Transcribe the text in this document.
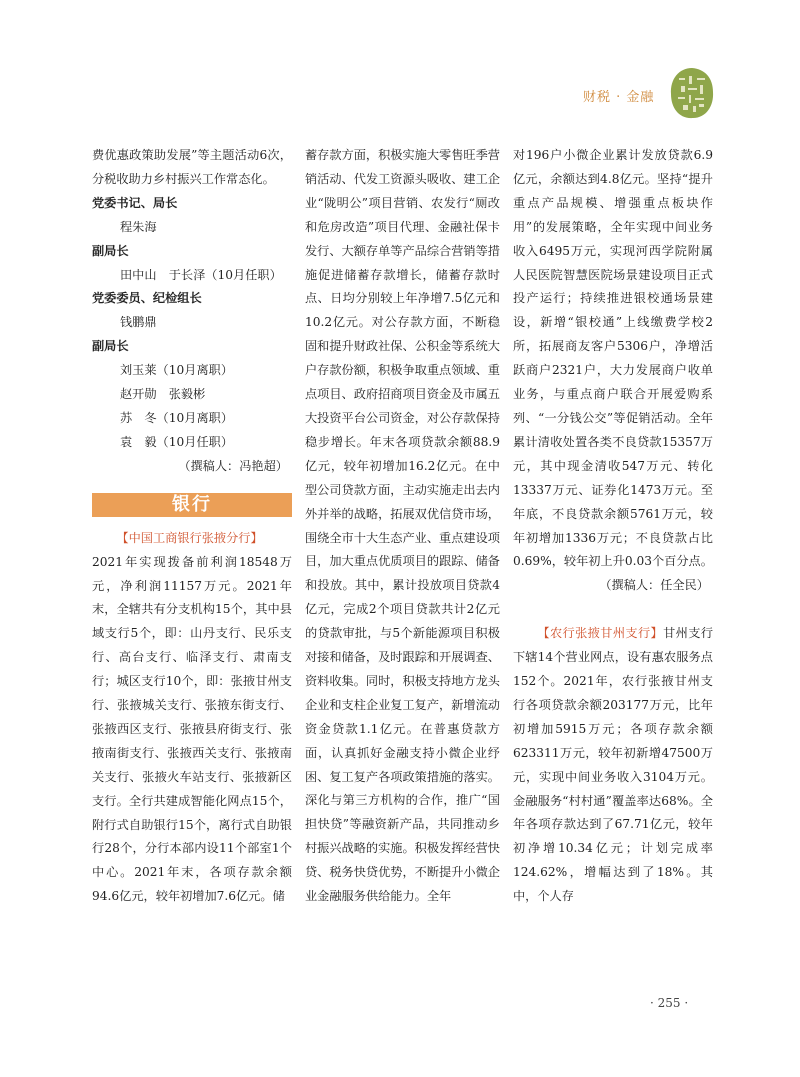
财税 · 金融

费优惠政策助发展”等主题活动6次，分税收助力乡村振兴工作常态化。

党委书记、局长

程朱海

副局长

田中山　于长泽（10月任职）

党委委员、纪检组长

钱鹏鼎

副局长

刘玉莱（10月离职）

赵开勋　张毅彬

苏　冬（10月离职）

袁　毅（10月任职）

（撰稿人：冯艳超）

银行

【中国工商银行张掖分行】

2021年实现拨备前利润18548万元，净利润11157万元。2021年末，全辖共有分支机构15个，其中县域支行5个，即：山丹支行、民乐支行、高台支行、临泽支行、肃南支行；城区支行10个，即：张掖甘州支行、张掖城关支行、张掖东街支行、张掖西区支行、张掖县府街支行、张掖南街支行、张掖西关支行、张掖南关支行、张掖火车站支行、张掖新区支行。全行共建成智能化网点15个，附行式自助银行15个，离行式自助银行28个，分行本部内设11个部室1个中心。2021年末，各项存款余额94.6亿元，较年初增加7.6亿元。储

蓄存款方面，积极实施大零售旺季营销活动、代发工资源头吸收、建工企业“陇明公”项目营销、农发行“厕改和危房改造”项目代理、金融社保卡发行、大额存单等产品综合营销等措施促进储蓄存款增长，储蓄存款时点、日均分别较上年净增7.5亿元和10.2亿元。对公存款方面，不断稳固和提升财政社保、公积金等系统大户存款份额，积极争取重点领域、重点项目、政府招商项目资金及市属五大投资平台公司资金，对公存款保持稳步增长。年末各项贷款余额88.9亿元，较年初增加16.2亿元。在中型公司贷款方面，主动实施走出去内外并举的战略，拓展双优信贷市场，围绕全市十大生态产业、重点建设项目，加大重点优质项目的跟踪、储备和投放。其中，累计投放项目贷款4亿元，完成2个项目贷款共计2亿元的贷款审批，与5个新能源项目积极对接和储备，及时跟踪和开展调查、资料收集。同时，积极支持地方龙头企业和支柱企业复工复产，新增流动资金贷款1.1亿元。在普惠贷款方面，认真抓好金融支持小微企业纾困、复工复产各项政策措施的落实。深化与第三方机构的合作，推广“国担快贷”等融资新产品，共同推动乡村振兴战略的实施。积极发挥经营快贷、税务快贷优势，不断提升小微企业金融服务供给能力。全年

对196户小微企业累计发放贷款6.9亿元，余额达到4.8亿元。坚持“提升重点产品规模、增强重点板块作用”的发展策略，全年实现中间业务收入6495万元，实现河西学院附属人民医院智慧医院场景建设项目正式投产运行；持续推进银校通场景建设，新增“银校通”上线缴费学校2所，拓展商友客户5306户，净增活跃商户2321户，大力发展商户收单业务，与重点商户联合开展爱购系列、“一分钱公交”等促销活动。全年累计清收处置各类不良贷款15357万元，其中现金清收547万元、转化13337万元、证券化1473万元。至年底，不良贷款余额5761万元，较年初增加1336万元；不良贷款占比0.69%，较年初上升0.03个百分点。

（撰稿人：任全民）

【农行张掖甘州支行】甘州支行下辖14个营业网点，设有惠农服务点152个。2021年，农行张掖甘州支行各项贷款余额203177万元，比年初增加5915万元；各项存款余额623311万元，较年初新增47500万元，实现中间业务收入3104万元。金融服务“村村通”覆盖率达68%。全年各项存款达到了67.71亿元，较年初净增10.34亿元；计划完成率124.62%，增幅达到了18%。其中，个人存

· 255 ·
